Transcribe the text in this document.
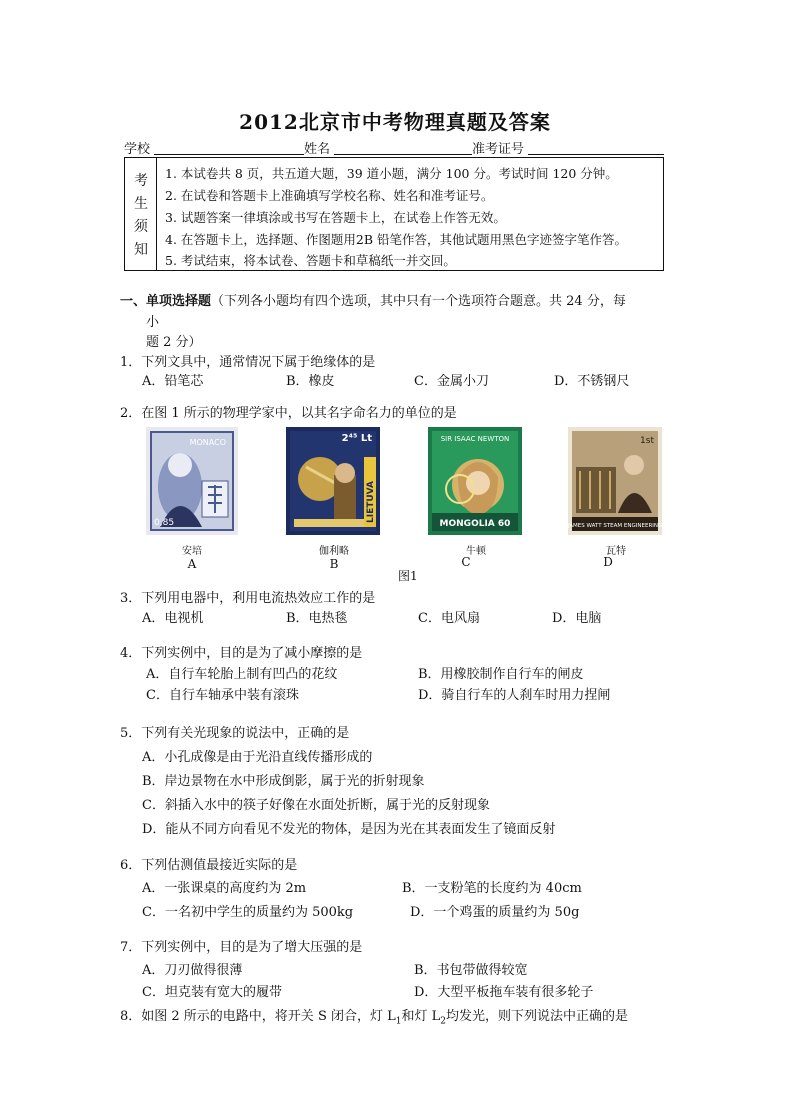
2012北京市中考物理真题及答案
学校	姓名	准考证号
考
生
须
知
1. 本试卷共 8 页，共五道大题，39 道小题，满分 100 分。考试时间 120 分钟。
2. 在试卷和答题卡上准确填写学校名称、姓名和准考证号。
3. 试题答案一律填涂或书写在答题卡上，在试卷上作答无效。
4. 在答题卡上，选择题、作图题用2B 铅笔作答，其他试题用黑色字迹签字笔作答。
5. 考试结束，将本试卷、答题卡和草稿纸一并交回。
一、单项选择题（下列各小题均有四个选项，其中只有一个选项符合题意。共 24 分，每
小
题 2 分）
1．下列文具中，通常情况下属于绝缘体的是
A．铅笔芯	B．橡皮	C．金属小刀	D．不锈钢尺
2．在图 1 所示的物理学家中，以其名字命名力的单位的是
MONACO
0,85
2⁴⁵ Lt
LIETUVA
SIR ISAAC NEWTON
MONGOLIA 60
1st
JAMES WATT STEAM ENGINEERING
安培	伽利略	牛顿	瓦特
A	B	C	D
图1
3．下列用电器中，利用电流热效应工作的是
A．电视机	B．电热毯	C．电风扇	D．电脑
4．下列实例中，目的是为了减小摩擦的是
A．自行车轮胎上制有凹凸的花纹	B．用橡胶制作自行车的闸皮
C．自行车轴承中装有滚珠	D．骑自行车的人刹车时用力捏闸
5．下列有关光现象的说法中，正确的是
A．小孔成像是由于光沿直线传播形成的
B．岸边景物在水中形成倒影，属于光的折射现象
C．斜插入水中的筷子好像在水面处折断，属于光的反射现象
D．能从不同方向看见不发光的物体，是因为光在其表面发生了镜面反射
6．下列估测值最接近实际的是
A．一张课桌的高度约为 2m	B．一支粉笔的长度约为 40cm
C．一名初中学生的质量约为 500kg	D．一个鸡蛋的质量约为 50g
7．下列实例中，目的是为了增大压强的是
A．刀刃做得很薄	B．书包带做得较宽
C．坦克装有宽大的履带	D．大型平板拖车装有很多轮子
8．如图 2 所示的电路中，将开关 S 闭合，灯 $L_1$和灯 $L_2$均发光，则下列说法中正确的是
